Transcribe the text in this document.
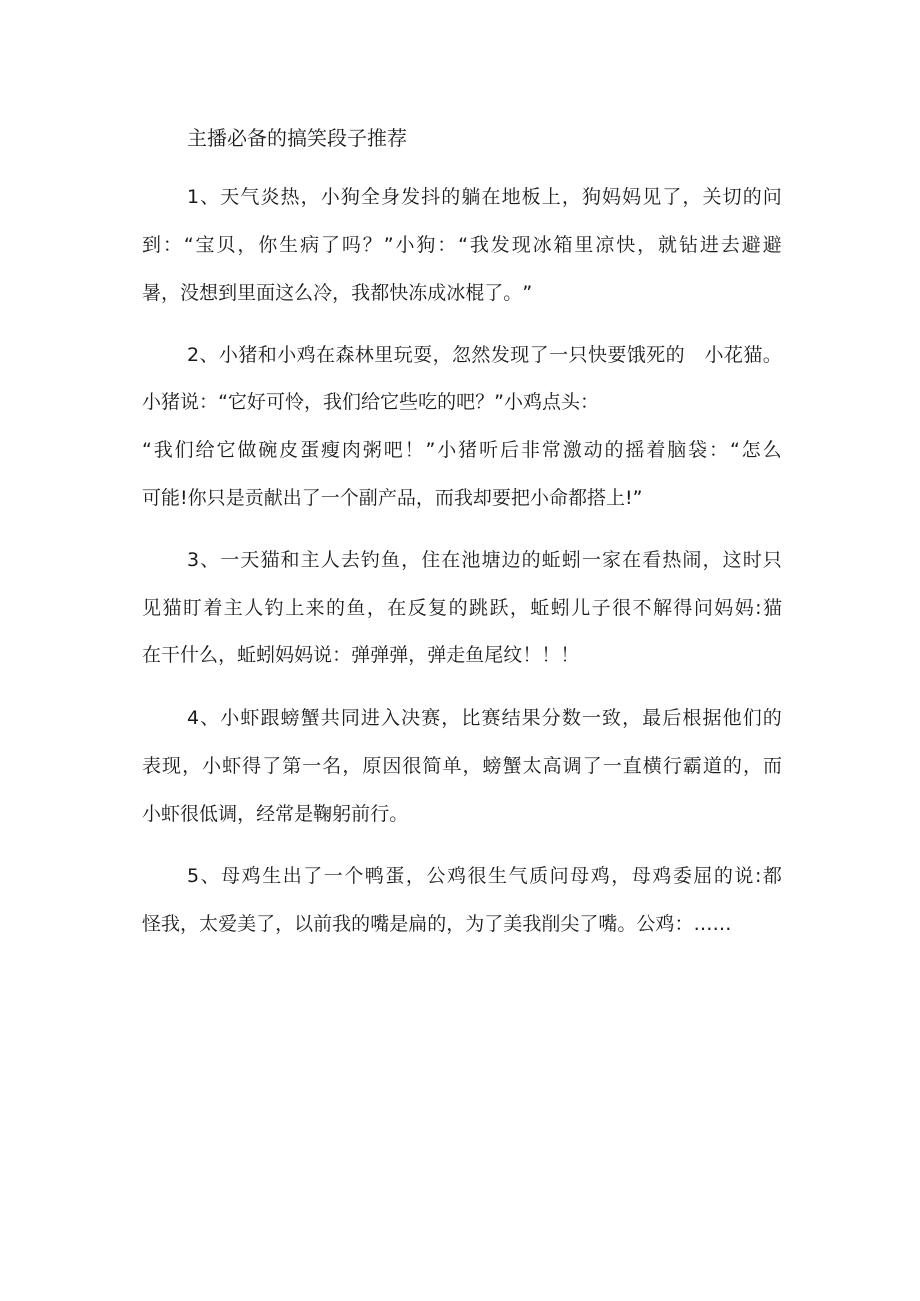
主播必备的搞笑段子推荐
1 、 天 气 炎 热 ， 小 狗 全 身 发 抖 的 躺 在 地 板 上 ， 狗 妈 妈 见 了 ， 关 切 的 问
到 ： “ 宝 贝 ， 你 生 病 了 吗 ？ ” 小 狗 ： “ 我 发 现 冰 箱 里 凉 快 ， 就 钻 进 去 避 避
暑 ， 没 想 到 里 面 这 么 冷 ， 我 都 快 冻 成 冰 棍 了 。 ”
2 、 小 猪 和 小 鸡 在 森 林 里 玩 耍 ， 忽 然 发 现 了 一 只 快 要 饿 死 的
　 小 花 猫 。
小 猪 说 ： “ 它 好 可 怜 ， 我 们 给 它 些 吃 的 吧 ？ ” 小 鸡 点 头 ：
“ 我 们 给 它 做 碗 皮 蛋 瘦 肉 粥 吧 ！ ” 小 猪 听 后 非 常 激 动 的 摇 着 脑 袋 ： “ 怎 么
可 能 ! 你 只 是 贡 献 出 了 一 个 副 产 品 ， 而 我 却 要 把 小 命 都 搭 上 ! ”
3 、 一 天 猫 和 主 人 去 钓 鱼 ， 住 在 池 塘 边 的 蚯 蚓 一 家 在 看 热 闹 ， 这 时 只
见 猫 盯 着 主 人 钓 上 来 的 鱼 ， 在 反 复 的 跳 跃 ， 蚯 蚓 儿 子 很 不 解 得 问 妈 妈 : 猫
在 干 什 么 ， 蚯 蚓 妈 妈 说 ： 弹 弹 弹 ， 弹 走 鱼 尾 纹 ！ ！ ！
4 、 小 虾 跟 螃 蟹 共 同 进 入 决 赛 ， 比 赛 结 果 分 数 一 致 ， 最 后 根 据 他 们 的
表 现 ， 小 虾 得 了 第 一 名 ， 原 因 很 简 单 ， 螃 蟹 太 高 调 了 一 直 横 行 霸 道 的 ， 而
小 虾 很 低 调 ， 经 常 是 鞠 躬 前 行 。
5 、 母 鸡 生 出 了 一 个 鸭 蛋 ， 公 鸡 很 生 气 质 问 母 鸡 ， 母 鸡 委 屈 的 说 : 都
怪 我 ， 太 爱 美 了 ， 以 前 我 的 嘴 是 扁 的 ， 为 了 美 我 削 尖 了 嘴 。 公 鸡 ： … …
